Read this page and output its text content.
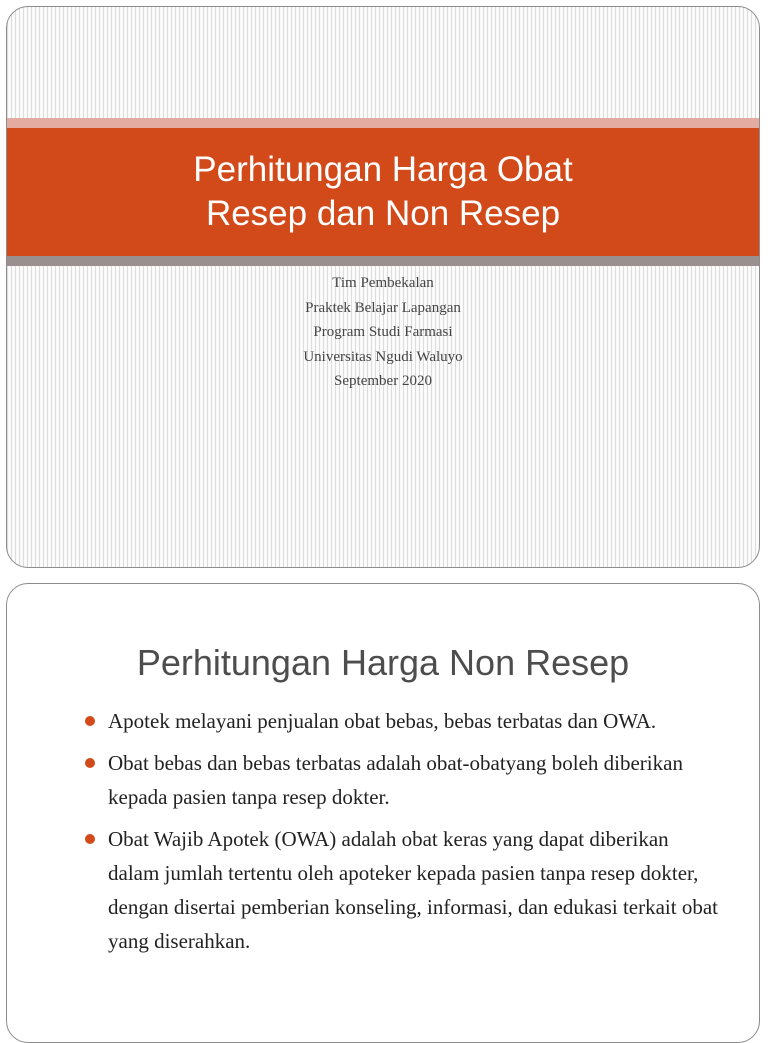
Perhitungan Harga Obat
Resep dan Non Resep
Tim Pembekalan
Praktek Belajar Lapangan
Program Studi Farmasi
Universitas Ngudi Waluyo
September 2020
Perhitungan Harga Non Resep
Apotek melayani penjualan obat bebas, bebas terbatas dan OWA.
Obat bebas dan bebas terbatas adalah obat-obatyang boleh diberikan kepada pasien tanpa resep dokter.
Obat Wajib Apotek (OWA) adalah obat keras yang dapat diberikan dalam jumlah tertentu oleh apoteker kepada pasien tanpa resep dokter, dengan disertai pemberian konseling, informasi, dan edukasi terkait obat yang diserahkan.
